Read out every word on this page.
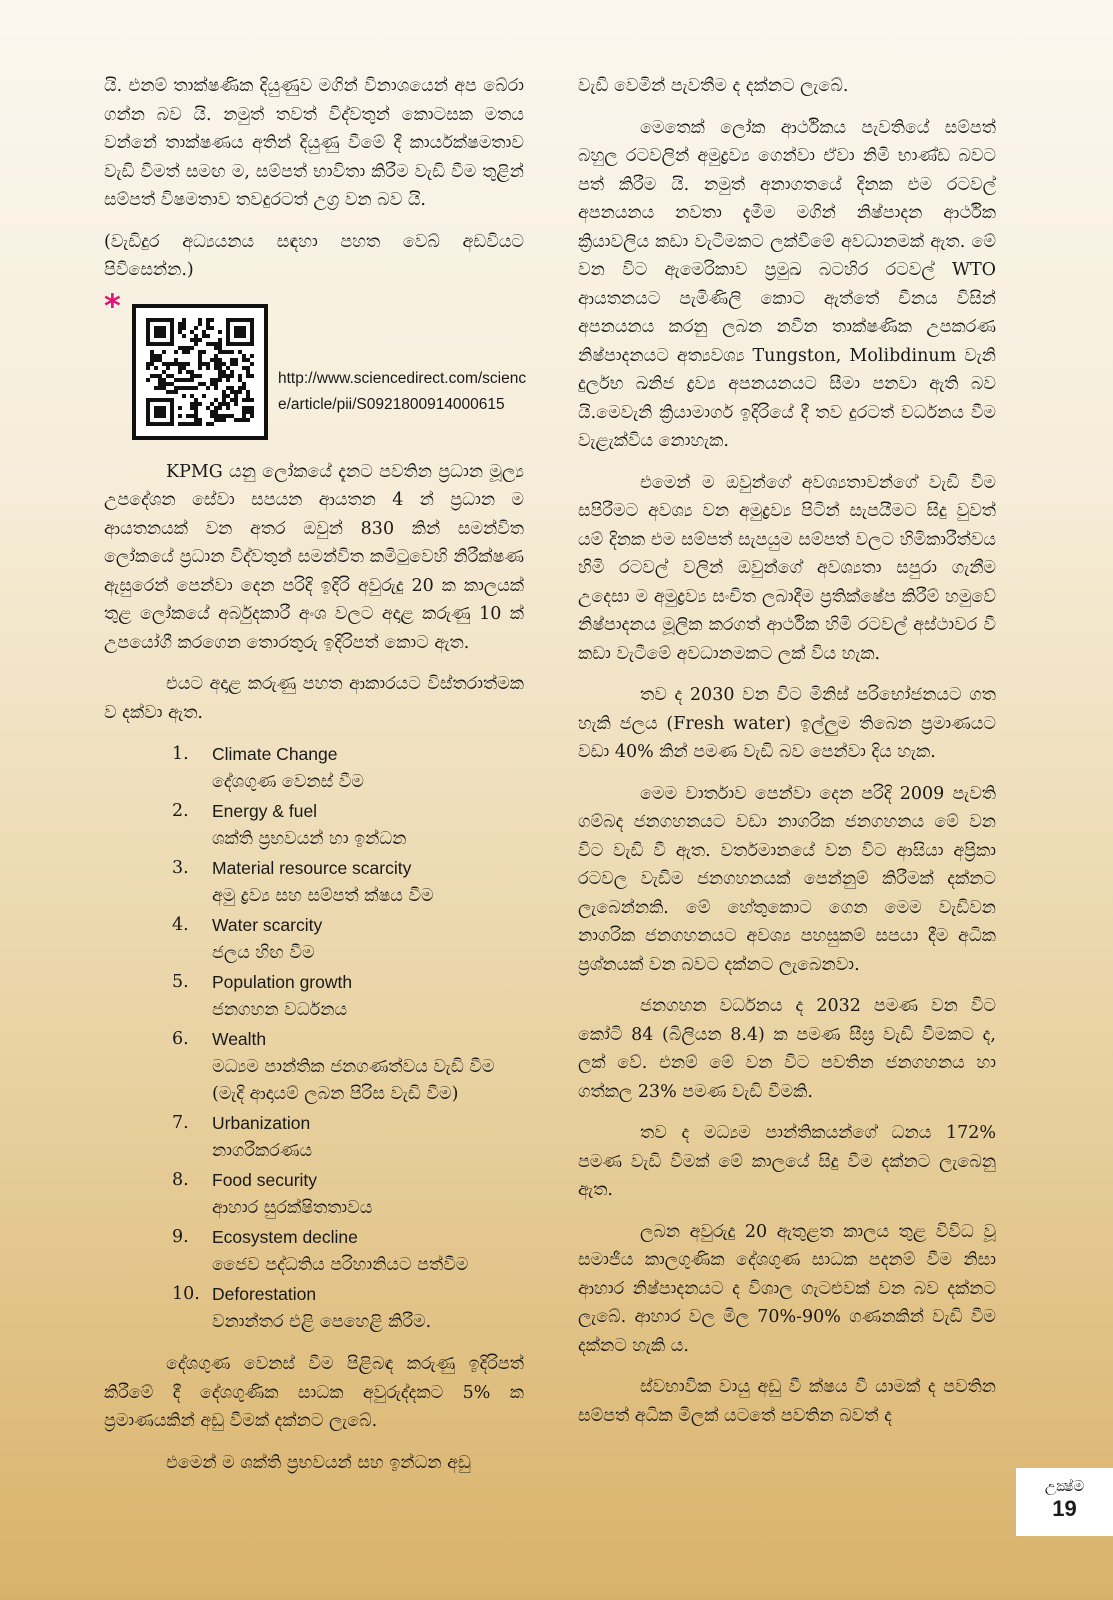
යි. එනම් තාක්ෂණික දියුණුව මගින් විනාශයෙන් අප බේරා ගන්න බව යි. නමුත් තවත් විද්වතුන් කොටසක මතය වන්නේ තාක්ෂණය අතින් දියුණු වීමේ දී කාර්යක්ෂමතාව වැඩි වීමත් සමඟ ම, සම්පත් භාවිතා කිරීම වැඩි වීම තුළින් සම්පත් විෂමතාව තවදුරටත් උග්‍ර වන බව යි.

(වැඩිදුර අධ්‍යයනය සඳහා පහත වෙබ් අඩවියට පිවිසෙන්න.)

*
http://www.sciencedirect.com/science/article/pii/S0921800914000615

KPMG යනු ලෝකයේ දැනට පවතින ප්‍රධාන මූල්‍ය උපදේශන සේවා සපයන ආයතන 4 න් ප්‍රධාන ම ආයතනයක් වන අතර ඔවුන් 830 කින් සමන්විත ලෝකයේ ප්‍රධාන විද්වතුන් සමන්විත කමිටුවෙහි නිරීක්ෂණ ඇසුරෙන් පෙන්වා දෙන පරිදි ඉදිරි අවුරුදු 20 ක කාලයක් තුළ ලෝකයේ අර්බුදකාරී අංශ වලට අදාළ කරුණු 10 ක් උපයෝගී කරගෙන තොරතුරු ඉදිරිපත් කොට ඇත.

එයට අදාළ කරුණු පහත ආකාරයට විස්තරාත්මක ව දක්වා ඇත.

1. Climate Change
දේශගුණ වෙනස් වීම
2. Energy & fuel
ශක්ති ප්‍රභවයන් හා ඉන්ධන
3. Material resource scarcity
අමු ද්‍රව්‍ය සහ සම්පත් ක්ෂය වීම
4. Water scarcity
ජලය හිඟ වීම
5. Population growth
ජනගහන වර්ධනය
6. Wealth
මධ්‍යම පාන්තික ජනගණත්වය වැඩි වීම (මැදි ආදායම් ලබන පිරිස වැඩි වීම)
7. Urbanization
නාගරීකරණය
8. Food security
ආහාර සුරක්ෂිතතාවය
9. Ecosystem decline
ජෛව පද්ධතිය පරිහානියට පත්වීම
10. Deforestation
වනාන්තර එළි පෙහෙළි කිරීම.

දේශගුණ වෙනස් වීම පිළිබඳ කරුණු ඉදිරිපත් කිරීමේ දී දේශගුණික සාධක අවුරුද්දකට 5% ක ප්‍රමාණයකින් අඩු වීමක් දක්නට ලැබේ.

එමෙන් ම ශක්ති ප්‍රභවයන් සහ ඉන්ධන අඩු

වැඩි වෙමින් පැවතීම ද දක්නට ලැබේ.

මෙතෙක් ලෝක ආර්ථිකය පැවතියේ සම්පත් බහුල රටවලින් අමුද්‍රව්‍ය ගෙන්වා ඒවා නිමි භාණ්ඩ බවට පත් කිරීම යි. නමුත් අනාගතයේ දිනක එම රටවල් අපනයනය නවතා දැමීම මගින් නිෂ්පාදන ආර්ථික ක්‍රියාවලිය කඩා වැටීමකට ලක්වීමේ අවධානමක් ඇත. මේ වන විට ඇමෙරිකාව ප්‍රමුඛ බටහිර රටවල් WTO ආයතනයට පැමිණිලි කොට ඇත්තේ චීනය විසින් අපනයනය කරනු ලබන නවීන තාක්ෂණික උපකරණ නිෂ්පාදනයට අත්‍යවශ්‍ය Tungston, Molibdinum වැනි දුර්ලභ ඛනිජ ද්‍රව්‍ය අපනයනයට සීමා පනවා ඇති බව යි.මෙවැනි ක්‍රියාමාර්ග ඉදිරියේ දී තව දුරටත් වර්ධනය වීම වැළැක්විය නොහැක.

එමෙන් ම ඔවුන්ගේ අවශ්‍යතාවන්ගේ වැඩි වීම සපිරීමට අවශ්‍ය වන අමුද්‍රව්‍ය පිටින් සැපයීමට සිදු වුවත් යම් දිනක එම සම්පත් සැපයුම සම්පත් වලට හිමිකාරීත්වය හිමි රටවල් වලින් ඔවුන්ගේ අවශ්‍යතා සපුරා ගැනීම උදෙසා ම අමුද්‍රව්‍ය සංචිත ලබාදීම ප්‍රතික්ෂේප කිරීම් හමුවේ නිෂ්පාදනය මූලික කරගත් ආර්ථික හිමි රටවල් අස්ථාවර වී කඩා වැටීමේ අවධානමකට ලක් විය හැක.

තව ද 2030 වන විට මිනිස් පරිභෝජනයට ගත හැකි ජලය (Fresh water) ඉල්ලුම තිබෙන ප්‍රමාණයට වඩා 40% කින් පමණ වැඩි බව පෙන්වා දිය හැක.

මෙම වාර්තාව පෙන්වා දෙන පරිදි 2009 පැවති ගම්බද ජනගහනයට වඩා නාගරික ජනගහනය මේ වන විට වැඩි වී ඇත. වර්තමානයේ වන විට ආසියා අප්‍රිකා රටවල වැඩිම ජනගහනයක් පෙන්නුම් කිරීමක් දක්නට ලැබෙන්නකි. මේ හේතුකොට ගෙන මෙම වැඩිවන නාගරික ජනගහනයට අවශ්‍ය පහසුකම් සපයා දීම අධික ප්‍රශ්නයක් වන බවට දක්නට ලැබෙනවා.

ජනගහන වර්ධනය ද 2032 පමණ වන විට කෝටි 84 (බිලියන 8.4) ක පමණ සීඝ්‍ර වැඩි වීමකට ද, ලක් වේ. එනම් මේ වන විට පවතින ජනගහනය හා ගත්කල 23% පමණ වැඩි වීමකි.

තව ද මධ්‍යම පාන්තිකයන්ගේ ධනය 172% පමණ වැඩි වීමක් මේ කාලයේ සිදු වීම දක්නට ලැබෙනු ඇත.

ලබන අවුරුදු 20 ඇතුළත කාලය තුළ විවිධ වූ සමාජීය කාලගුණික දේශගුණ සාධක පදනම් වීම නිසා ආහාර නිෂ්පාදනයට ද විශාල ගැටළුවක් වන බව දක්නට ලැබේ. ආහාර වල මිල 70%-90% ගණනකින් වැඩි වීම දක්නට හැකි ය.

ස්වභාවික වායු අඩු වී ක්ෂය වී යාමක් ද පවතින සම්පත් අධික මිලක් යටතේ පවතින බවත් ද

උක්‍ෂ්ම
19
